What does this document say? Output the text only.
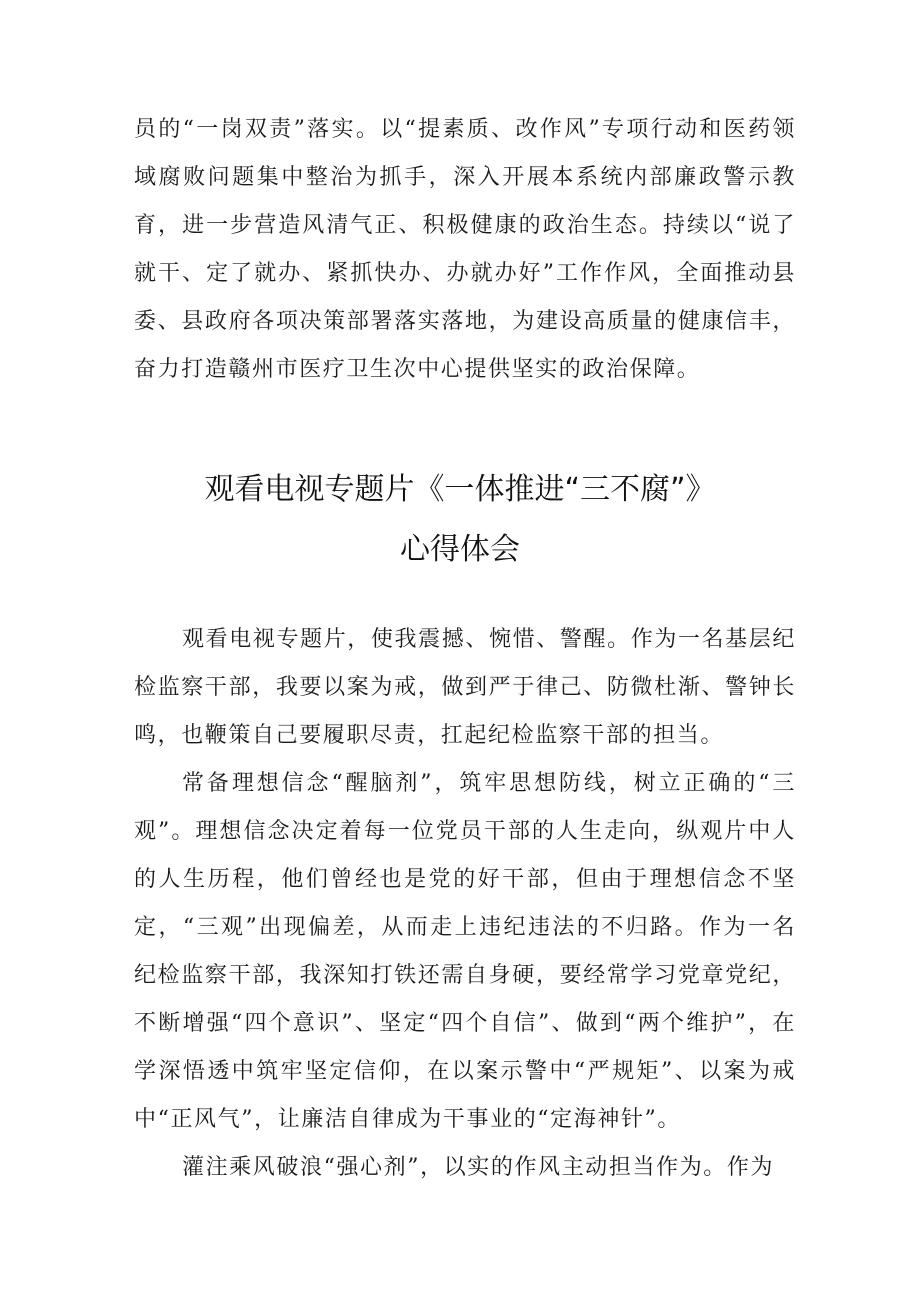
员的“一岗双责”落实。以“提素质、改作风”专项行动和医药领域腐败问题集中整治为抓手，深入开展本系统内部廉政警示教育，进一步营造风清气正、积极健康的政治生态。持续以“说了就干、定了就办、紧抓快办、办就办好”工作作风，全面推动县委、县政府各项决策部署落实落地，为建设高质量的健康信丰，奋力打造赣州市医疗卫生次中心提供坚实的政治保障。

观看电视专题片《一体推进“三不腐”》
心得体会

观看电视专题片，使我震撼、惋惜、警醒。作为一名基层纪检监察干部，我要以案为戒，做到严于律己、防微杜渐、警钟长鸣，也鞭策自己要履职尽责，扛起纪检监察干部的担当。

常备理想信念“醒脑剂”，筑牢思想防线，树立正确的“三观”。理想信念决定着每一位党员干部的人生走向，纵观片中人的人生历程，他们曾经也是党的好干部，但由于理想信念不坚定，“三观”出现偏差，从而走上违纪违法的不归路。作为一名纪检监察干部，我深知打铁还需自身硬，要经常学习党章党纪，不断增强“四个意识”、坚定“四个自信”、做到“两个维护”，在学深悟透中筑牢坚定信仰，在以案示警中“严规矩”、以案为戒中“正风气”，让廉洁自律成为干事业的“定海神针”。

灌注乘风破浪“强心剂”，以实的作风主动担当作为。作为
